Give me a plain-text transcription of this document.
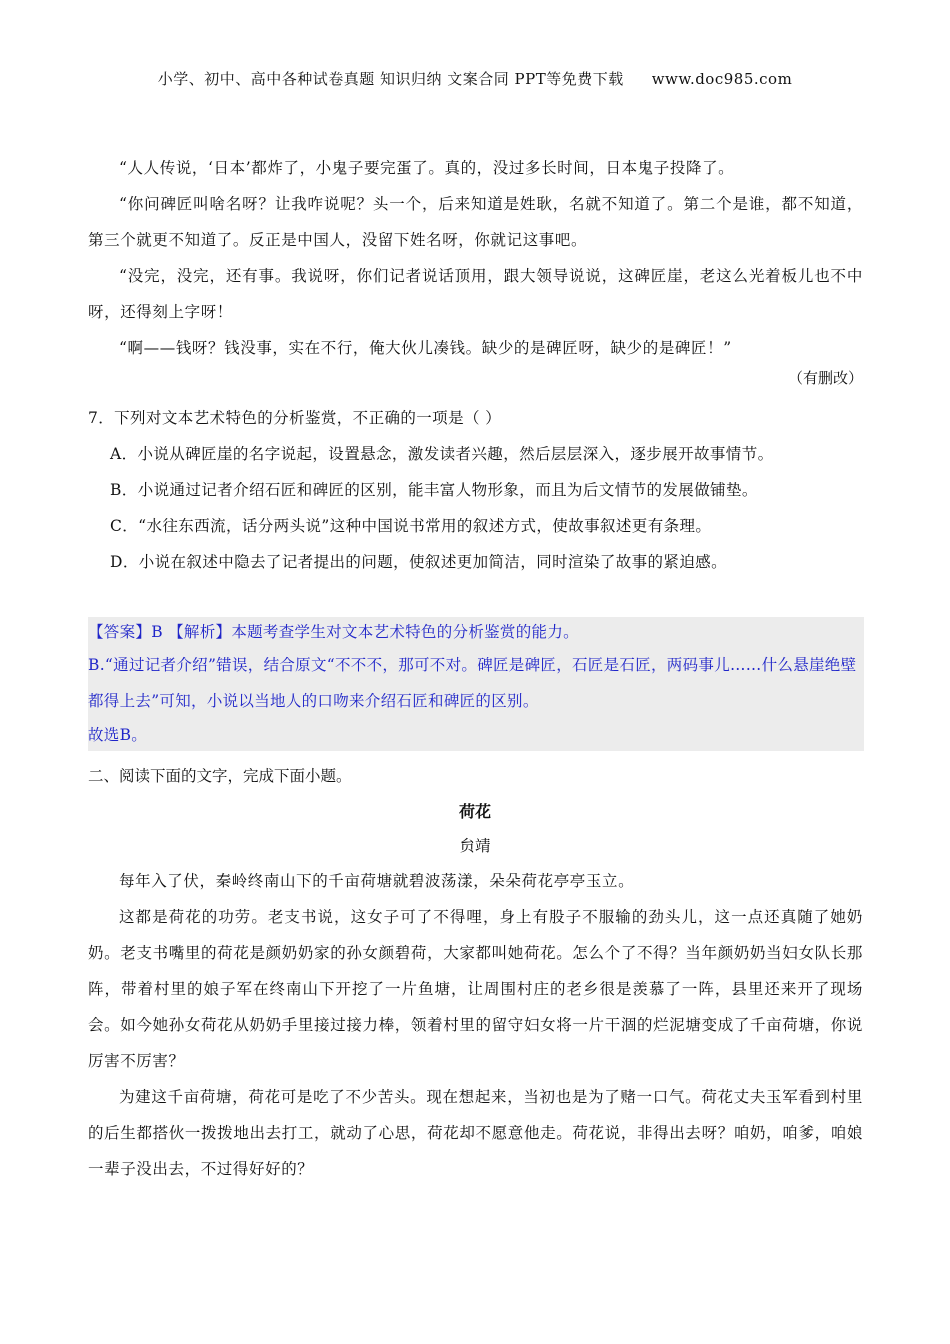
小学、初中、高中各种试卷真题 知识归纳 文案合同 PPT等免费下载 www.doc985.com

“人人传说，‘日本’都炸了，小鬼子要完蛋了。真的，没过多长时间，日本鬼子投降了。

“你问碑匠叫啥名呀？让我咋说呢？头一个，后来知道是姓耿，名就不知道了。第二个是谁，都不知道，第三个就更不知道了。反正是中国人，没留下姓名呀，你就记这事吧。

“没完，没完，还有事。我说呀，你们记者说话顶用，跟大领导说说，这碑匠崖，老这么光着板儿也不中呀，还得刻上字呀！

“啊——钱呀？钱没事，实在不行，俺大伙儿凑钱。缺少的是碑匠呀，缺少的是碑匠！”

（有删改）

7．下列对文本艺术特色的分析鉴赏，不正确的一项是（ ）

A．小说从碑匠崖的名字说起，设置悬念，激发读者兴趣，然后层层深入，逐步展开故事情节。

B．小说通过记者介绍石匠和碑匠的区别，能丰富人物形象，而且为后文情节的发展做铺垫。

C．“水往东西流，话分两头说”这种中国说书常用的叙述方式，使故事叙述更有条理。

D．小说在叙述中隐去了记者提出的问题，使叙述更加简洁，同时渲染了故事的紧迫感。

【答案】B 【解析】本题考查学生对文本艺术特色的分析鉴赏的能力。

B.“通过记者介绍”错误，结合原文“不不不，那可不对。碑匠是碑匠，石匠是石匠，两码事儿……什么悬崖绝壁都得上去”可知，小说以当地人的口吻来介绍石匠和碑匠的区别。

故选B。

二、阅读下面的文字，完成下面小题。
荷花
贠靖

每年入了伏，秦岭终南山下的千亩荷塘就碧波荡漾，朵朵荷花亭亭玉立。

这都是荷花的功劳。老支书说，这女子可了不得哩，身上有股子不服输的劲头儿，这一点还真随了她奶奶。老支书嘴里的荷花是颜奶奶家的孙女颜碧荷，大家都叫她荷花。怎么个了不得？当年颜奶奶当妇女队长那阵，带着村里的娘子军在终南山下开挖了一片鱼塘，让周围村庄的老乡很是羡慕了一阵，县里还来开了现场会。如今她孙女荷花从奶奶手里接过接力棒，领着村里的留守妇女将一片干涸的烂泥塘变成了千亩荷塘，你说厉害不厉害？

为建这千亩荷塘，荷花可是吃了不少苦头。现在想起来，当初也是为了赌一口气。荷花丈夫玉军看到村里的后生都搭伙一拨拨地出去打工，就动了心思，荷花却不愿意他走。荷花说，非得出去呀？咱奶，咱爹，咱娘一辈子没出去，不过得好好的？
